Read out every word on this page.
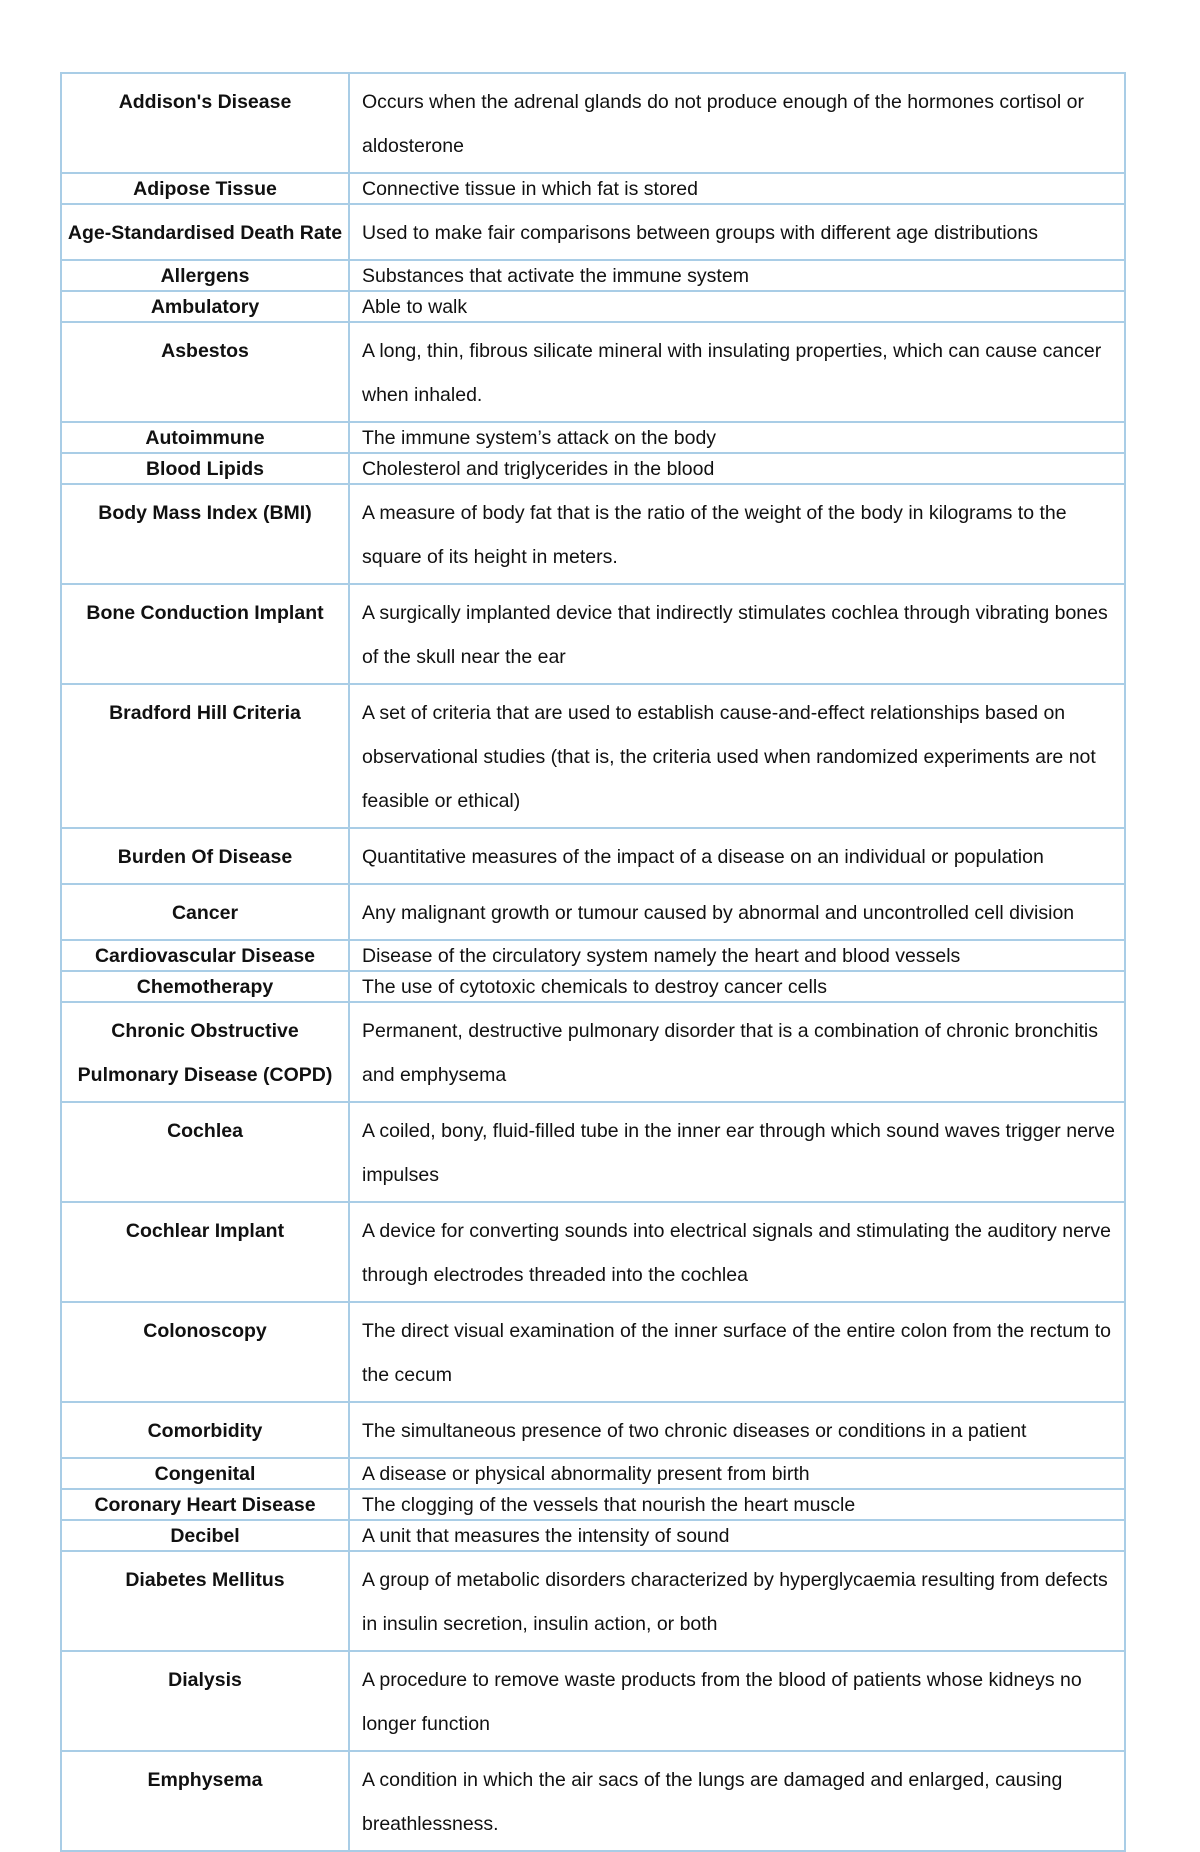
Addison's Disease	Occurs when the adrenal glands do not produce enough of the hormones cortisol or aldosterone
Adipose Tissue	Connective tissue in which fat is stored
Age-Standardised Death Rate	Used to make fair comparisons between groups with different age distributions
Allergens	Substances that activate the immune system
Ambulatory	Able to walk
Asbestos	A long, thin, fibrous silicate mineral with insulating properties, which can cause cancer when inhaled.
Autoimmune	The immune system’s attack on the body
Blood Lipids	Cholesterol and triglycerides in the blood
Body Mass Index (BMI)	A measure of body fat that is the ratio of the weight of the body in kilograms to the square of its height in meters.
Bone Conduction Implant	A surgically implanted device that indirectly stimulates cochlea through vibrating bones of the skull near the ear
Bradford Hill Criteria	A set of criteria that are used to establish cause-and-effect relationships based on observational studies (that is, the criteria used when randomized experiments are not feasible or ethical)
Burden Of Disease	Quantitative measures of the impact of a disease on an individual or population
Cancer	Any malignant growth or tumour caused by abnormal and uncontrolled cell division
Cardiovascular Disease	Disease of the circulatory system namely the heart and blood vessels
Chemotherapy	The use of cytotoxic chemicals to destroy cancer cells
Chronic Obstructive Pulmonary Disease (COPD)	Permanent, destructive pulmonary disorder that is a combination of chronic bronchitis and emphysema
Cochlea	A coiled, bony, fluid-filled tube in the inner ear through which sound waves trigger nerve impulses
Cochlear Implant	A device for converting sounds into electrical signals and stimulating the auditory nerve through electrodes threaded into the cochlea
Colonoscopy	The direct visual examination of the inner surface of the entire colon from the rectum to the cecum
Comorbidity	The simultaneous presence of two chronic diseases or conditions in a patient
Congenital	A disease or physical abnormality present from birth
Coronary Heart Disease	The clogging of the vessels that nourish the heart muscle
Decibel	A unit that measures the intensity of sound
Diabetes Mellitus	A group of metabolic disorders characterized by hyperglycaemia resulting from defects in insulin secretion, insulin action, or both
Dialysis	A procedure to remove waste products from the blood of patients whose kidneys no longer function
Emphysema	A condition in which the air sacs of the lungs are damaged and enlarged, causing breathlessness.
